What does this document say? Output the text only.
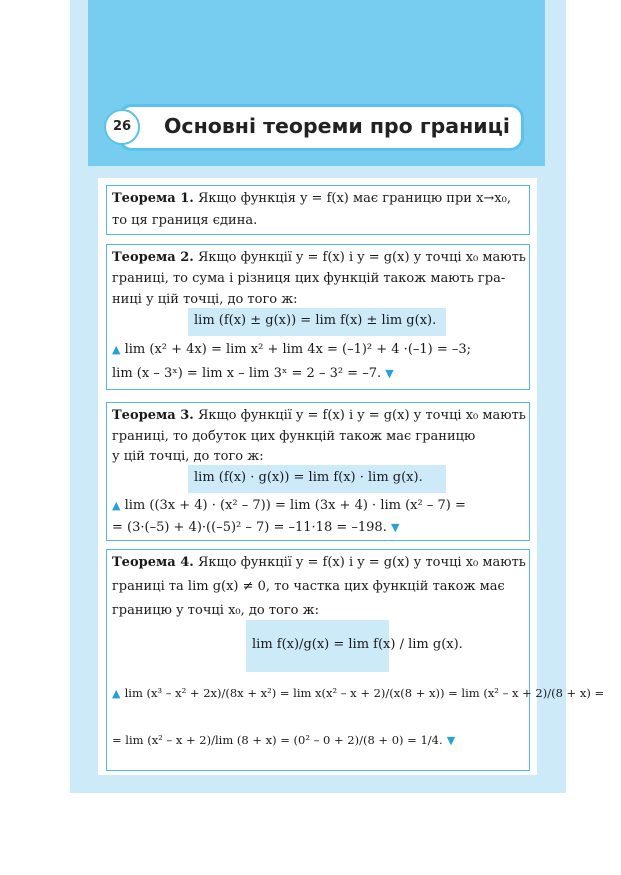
26	Основні теореми про границі
Теорема 1. Якщо функція y = f(x) має границю при x→x₀,
то ця границя єдина.
Теорема 2. Якщо функції y = f(x) і y = g(x) у точці x₀ мають
границі, то сума і різниця цих функцій також мають гра-
ниці у цій точці, до того ж:
lim (f(x) ± g(x)) = lim f(x) ± lim g(x).
▲ lim (x² + 4x) = lim x² + lim 4x = (–1)² + 4 ·(–1) = –3;
lim (x – 3ˣ) = lim x – lim 3ˣ = 2 – 3² = –7. ▼
Теорема 3. Якщо функції y = f(x) і y = g(x) у точці x₀ мають
границі, то добуток цих функцій також має границю
у цій точці, до того ж:
lim (f(x) · g(x)) = lim f(x) · lim g(x).
▲ lim ((3x + 4) · (x² – 7)) = lim (3x + 4) · lim (x² – 7) =
= (3·(–5) + 4)·((–5)² – 7) = –11·18 = –198. ▼
Теорема 4. Якщо функції y = f(x) і y = g(x) у точці x₀ мають
границі та lim g(x) ≠ 0, то частка цих функцій також має
границю у точці x₀, до того ж:
lim f(x)/g(x) = lim f(x) / lim g(x).
▲ lim (x³ – x² + 2x)/(8x + x²) = lim x(x² – x + 2)/(x(8 + x)) = lim (x² – x + 2)/(8 + x) =
= lim (x² – x + 2)/lim (8 + x) = (0² – 0 + 2)/(8 + 0) = 1/4. ▼
